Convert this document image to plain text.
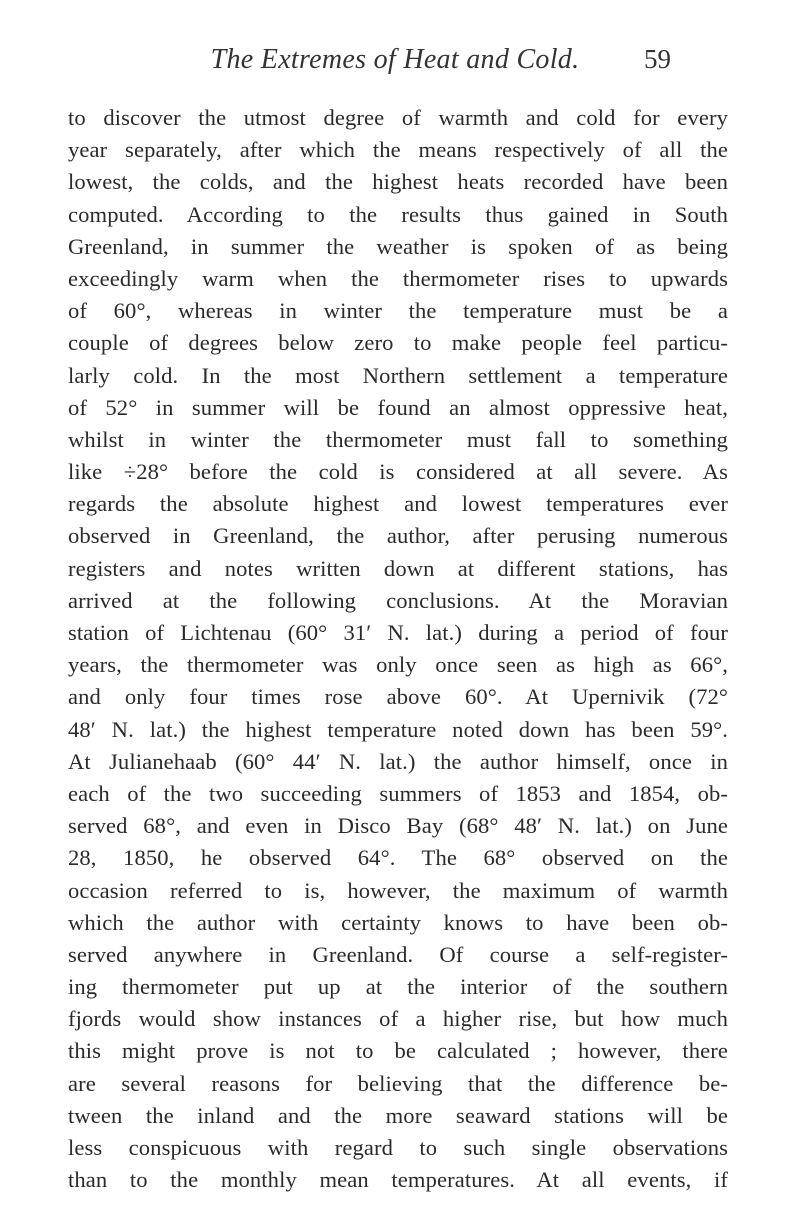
The Extremes of Heat and Cold.	59
to discover the utmost degree of warmth and cold for every
year separately, after which the means respectively of all the
lowest, the colds, and the highest heats recorded have been
computed. According to the results thus gained in South
Greenland, in summer the weather is spoken of as being
exceedingly warm when the thermometer rises to upwards
of 60°, whereas in winter the temperature must be a
couple of degrees below zero to make people feel particu-
larly cold. In the most Northern settlement a temperature
of 52° in summer will be found an almost oppressive heat,
whilst in winter the thermometer must fall to something
like ÷28° before the cold is considered at all severe. As
regards the absolute highest and lowest temperatures ever
observed in Greenland, the author, after perusing numerous
registers and notes written down at different stations, has
arrived at the following conclusions. At the Moravian
station of Lichtenau (60° 31′ N. lat.) during a period of four
years, the thermometer was only once seen as high as 66°,
and only four times rose above 60°. At Upernivik (72°
48′ N. lat.) the highest temperature noted down has been 59°.
At Julianehaab (60° 44′ N. lat.) the author himself, once in
each of the two succeeding summers of 1853 and 1854, ob-
served 68°, and even in Disco Bay (68° 48′ N. lat.) on June
28, 1850, he observed 64°. The 68° observed on the
occasion referred to is, however, the maximum of warmth
which the author with certainty knows to have been ob-
served anywhere in Greenland. Of course a self-register-
ing thermometer put up at the interior of the southern
fjords would show instances of a higher rise, but how much
this might prove is not to be calculated ; however, there
are several reasons for believing that the difference be-
tween the inland and the more seaward stations will be
less conspicuous with regard to such single observations
than to the monthly mean temperatures. At all events, if
